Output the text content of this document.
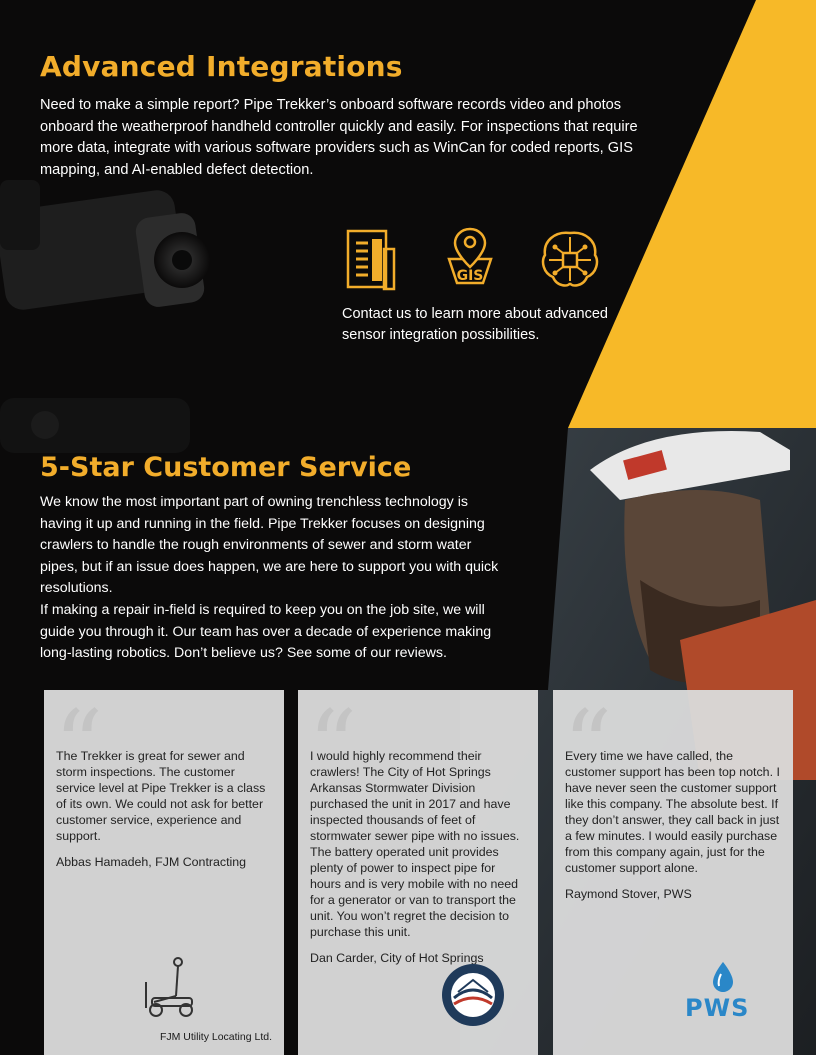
Advanced Integrations

Need to make a simple report? Pipe Trekker’s onboard software records video and photos onboard the weatherproof handheld controller quickly and easily. For inspections that require more data, integrate with various software providers such as WinCan for coded reports, GIS mapping, and AI-enabled defect detection.

GIS

Contact us to learn more about advanced sensor integration possibilities.

5-Star Customer Service

We know the most important part of owning trenchless technology is having it up and running in the field. Pipe Trekker focuses on designing crawlers to handle the rough environments of sewer and storm water pipes, but if an issue does happen, we are here to support you with quick resolutions.

If making a repair in-field is required to keep you on the job site, we will guide you through it. Our team has over a decade of experience making long-lasting robotics. Don’t believe us? See some of our reviews.

“

The Trekker is great for sewer and storm inspections. The customer service level at Pipe Trekker is a class of its own. We could not ask for better customer service, experience and support.

Abbas Hamadeh, FJM Contracting

FJM Utility Locating Ltd.
“

I would highly recommend their crawlers! The City of Hot Springs Arkansas Stormwater Division purchased the unit in 2017 and have inspected thousands of feet of stormwater sewer pipe with no issues. The battery operated unit provides plenty of power to inspect pipe for hours and is very mobile with no need for a generator or van to transport the unit. You won’t regret the decision to purchase this unit.

Dan Carder, City of Hot Springs

“

Every time we have called, the customer support has been top notch. I have never seen the customer support like this company. The absolute best. If they don’t answer, they call back in just a few minutes. I would easily purchase from this company again, just for the customer support alone.

Raymond Stover, PWS

PWS
